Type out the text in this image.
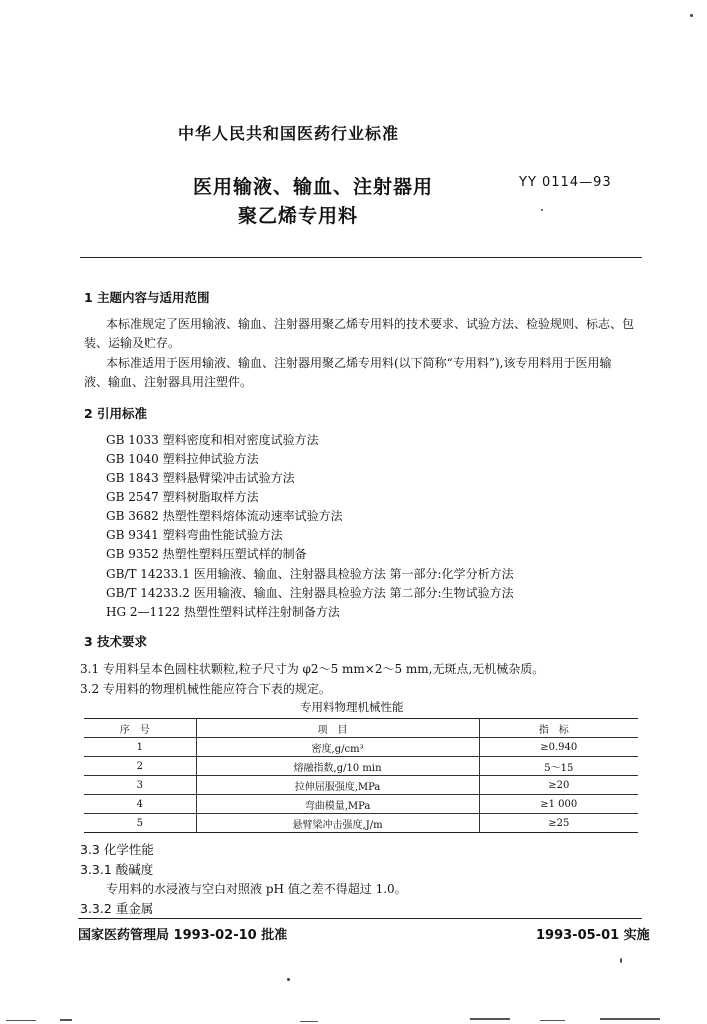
中华人民共和国医药行业标准
医用输液、输血、注射器用
聚乙烯专用料
YY 0114—93
1 主题内容与适用范围
本标准规定了医用输液、输血、注射器用聚乙烯专用料的技术要求、试验方法、检验规则、标志、包
装、运输及贮存。
本标准适用于医用输液、输血、注射器用聚乙烯专用料(以下简称“专用料”),该专用料用于医用输
液、输血、注射器具用注塑件。
2 引用标准
GB 1033 塑料密度和相对密度试验方法
GB 1040 塑料拉伸试验方法
GB 1843 塑料悬臂梁冲击试验方法
GB 2547 塑料树脂取样方法
GB 3682 热塑性塑料熔体流动速率试验方法
GB 9341 塑料弯曲性能试验方法
GB 9352 热塑性塑料压塑试样的制备
GB/T 14233.1 医用输液、输血、注射器具检验方法 第一部分:化学分析方法
GB/T 14233.2 医用输液、输血、注射器具检验方法 第二部分:生物试验方法
HG 2—1122 热塑性塑料试样注射制备方法
3 技术要求
3.1 专用料呈本色圆柱状颗粒,粒子尺寸为 φ2～5 mm×2～5 mm,无斑点,无机械杂质。
3.2 专用料的物理机械性能应符合下表的规定。
专用料物理机械性能
序号	项目	指标
1	密度,g/cm³	≥0.940
2	熔融指数,g/10 min	5～15
3	拉伸屈服强度,MPa	≥20
4	弯曲模量,MPa	≥1 000
5	悬臂梁冲击强度,J/m	≥25
3.3 化学性能
3.3.1 酸碱度
专用料的水浸液与空白对照液 pH 值之差不得超过 1.0。
3.3.2 重金属
国家医药管理局 1993-02-10 批准	1993-05-01 实施
